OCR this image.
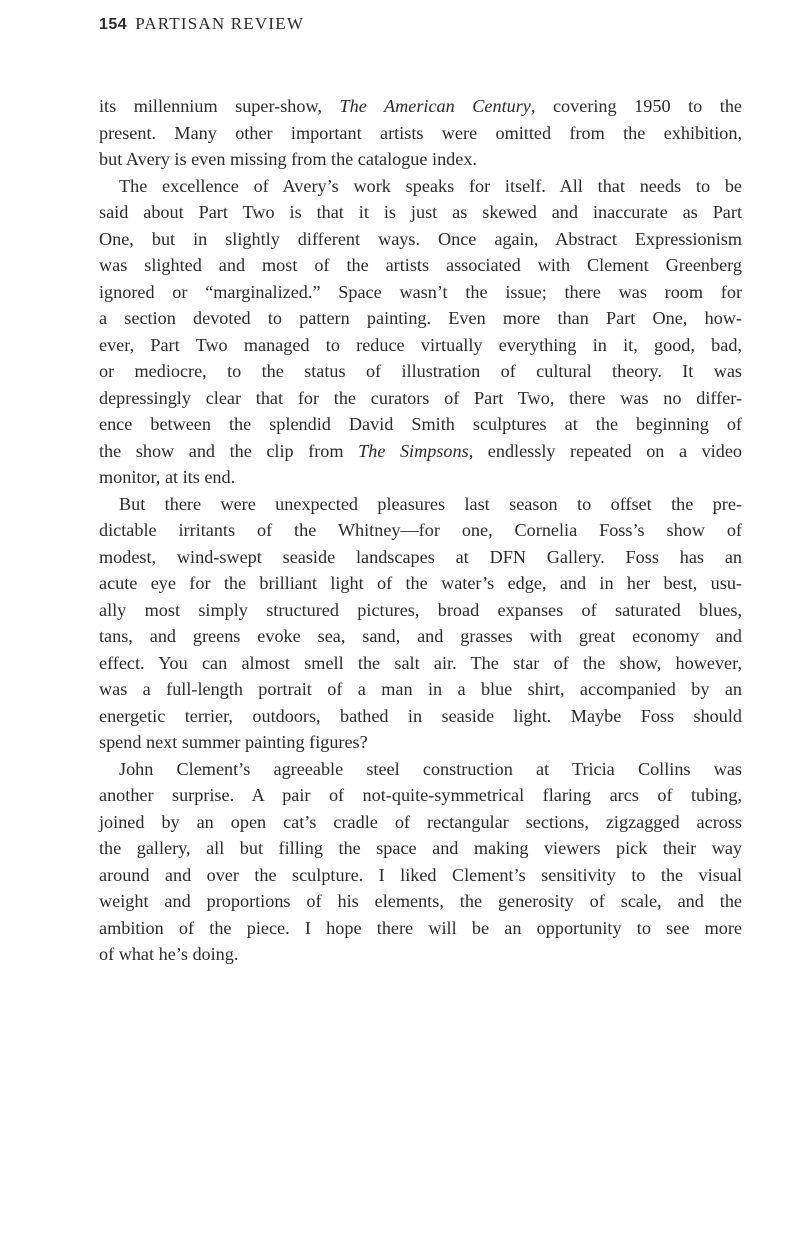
154 PARTISAN REVIEW
its millennium super-show, The American Century, covering 1950 to the
present. Many other important artists were omitted from the exhibition,
but Avery is even missing from the catalogue index.
The excellence of Avery’s work speaks for itself. All that needs to be
said about Part Two is that it is just as skewed and inaccurate as Part
One, but in slightly different ways. Once again, Abstract Expressionism
was slighted and most of the artists associated with Clement Greenberg
ignored or “marginalized.” Space wasn’t the issue; there was room for
a section devoted to pattern painting. Even more than Part One, how-
ever, Part Two managed to reduce virtually everything in it, good, bad,
or mediocre, to the status of illustration of cultural theory. It was
depressingly clear that for the curators of Part Two, there was no differ-
ence between the splendid David Smith sculptures at the beginning of
the show and the clip from The Simpsons, endlessly repeated on a video
monitor, at its end.
But there were unexpected pleasures last season to offset the pre-
dictable irritants of the Whitney—for one, Cornelia Foss’s show of
modest, wind-swept seaside landscapes at DFN Gallery. Foss has an
acute eye for the brilliant light of the water’s edge, and in her best, usu-
ally most simply structured pictures, broad expanses of saturated blues,
tans, and greens evoke sea, sand, and grasses with great economy and
effect. You can almost smell the salt air. The star of the show, however,
was a full-length portrait of a man in a blue shirt, accompanied by an
energetic terrier, outdoors, bathed in seaside light. Maybe Foss should
spend next summer painting figures?
John Clement’s agreeable steel construction at Tricia Collins was
another surprise. A pair of not-quite-symmetrical flaring arcs of tubing,
joined by an open cat’s cradle of rectangular sections, zigzagged across
the gallery, all but filling the space and making viewers pick their way
around and over the sculpture. I liked Clement’s sensitivity to the visual
weight and proportions of his elements, the generosity of scale, and the
ambition of the piece. I hope there will be an opportunity to see more
of what he’s doing.
